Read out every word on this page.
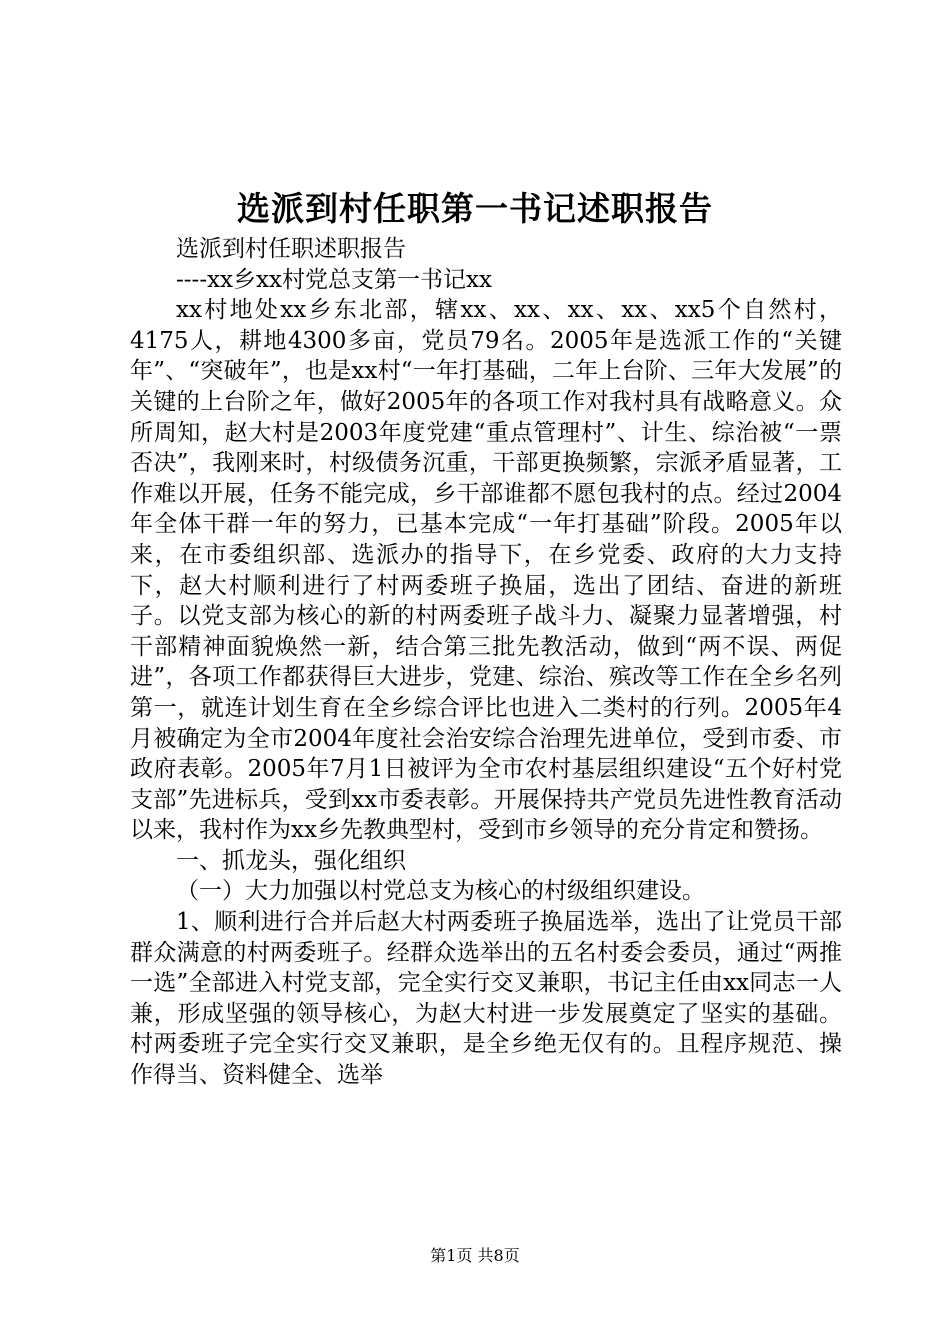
选派到村任职第一书记述职报告

选派到村任职述职报告

----xx乡xx村党总支第一书记xx

xx村地处xx乡东北部，辖xx、xx、xx、xx、xx5个自然村，4175人，耕地4300多亩，党员79名。2005年是选派工作的“关键年”、“突破年”，也是xx村“一年打基础，二年上台阶、三年大发展”的关键的上台阶之年，做好2005年的各项工作对我村具有战略意义。众所周知，赵大村是2003年度党建“重点管理村”、计生、综治被“一票否决”，我刚来时，村级债务沉重，干部更换频繁，宗派矛盾显著，工作难以开展，任务不能完成，乡干部谁都不愿包我村的点。经过2004年全体干群一年的努力，已基本完成“一年打基础”阶段。2005年以来，在市委组织部、选派办的指导下，在乡党委、政府的大力支持下，赵大村顺利进行了村两委班子换届，选出了团结、奋进的新班子。以党支部为核心的新的村两委班子战斗力、凝聚力显著增强，村干部精神面貌焕然一新，结合第三批先教活动，做到“两不误、两促进”，各项工作都获得巨大进步，党建、综治、殡改等工作在全乡名列第一，就连计划生育在全乡综合评比也进入二类村的行列。2005年4月被确定为全市2004年度社会治安综合治理先进单位，受到市委、市政府表彰。2005年7月1日被评为全市农村基层组织建设“五个好村党支部”先进标兵，受到xx市委表彰。开展保持共产党员先进性教育活动以来，我村作为xx乡先教典型村，受到市乡领导的充分肯定和赞扬。

一、抓龙头，强化组织

（一）大力加强以村党总支为核心的村级组织建设。

1、顺利进行合并后赵大村两委班子换届选举，选出了让党员干部群众满意的村两委班子。经群众选举出的五名村委会委员，通过“两推一选”全部进入村党支部，完全实行交叉兼职，书记主任由xx同志一人兼，形成坚强的领导核心，为赵大村进一步发展奠定了坚实的基础。村两委班子完全实行交叉兼职，是全乡绝无仅有的。且程序规范、操作得当、资料健全、选举

第1页 共8页
